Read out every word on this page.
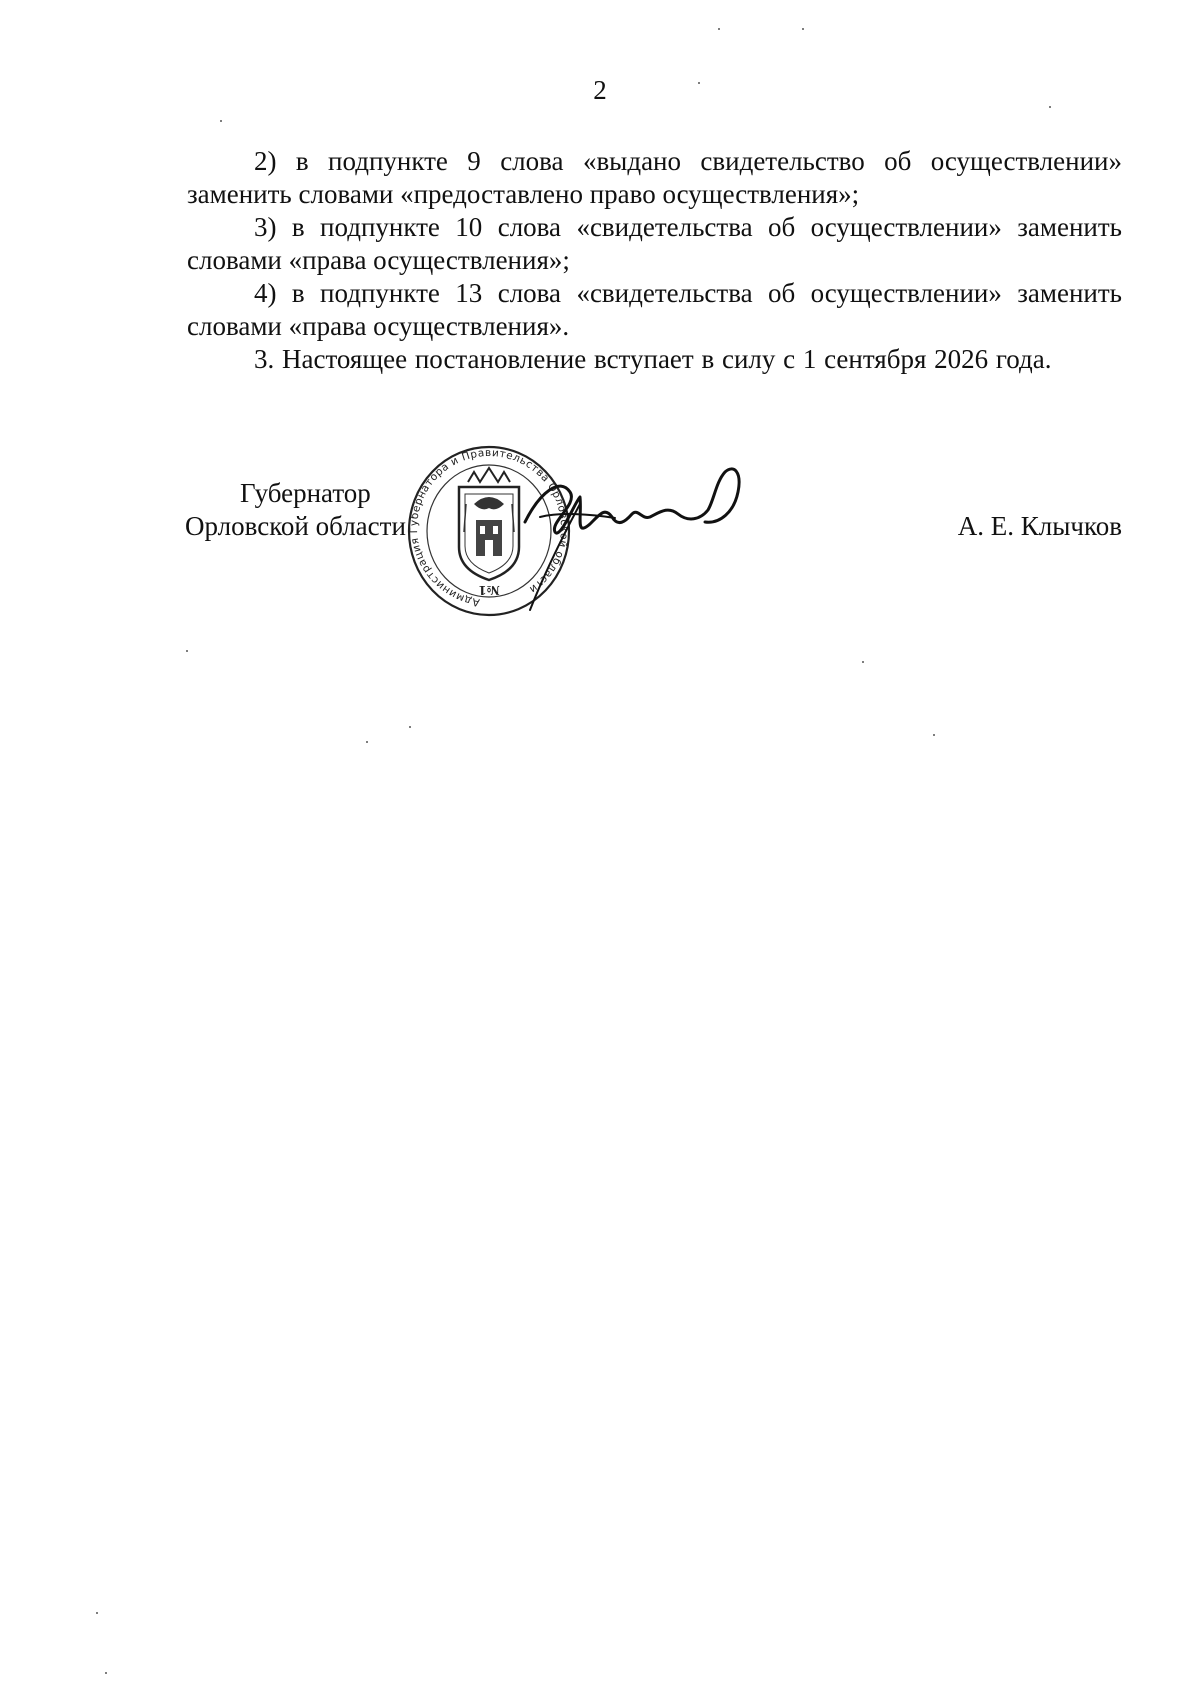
2

2) в подпункте 9 слова «выдано свидетельство об осуществлении» заменить словами «предоставлено право осуществления»;

3) в подпункте 10 слова «свидетельства об осуществлении» заменить словами «права осуществления»;

4) в подпункте 13 слова «свидетельства об осуществлении» заменить словами «права осуществления».

3. Настоящее постановление вступает в силу с 1 сентября 2026 года.

Администрация Губернатора и Правительства Орловской области
№1
Губернатор
Орловской области	А. Е. Клычков
